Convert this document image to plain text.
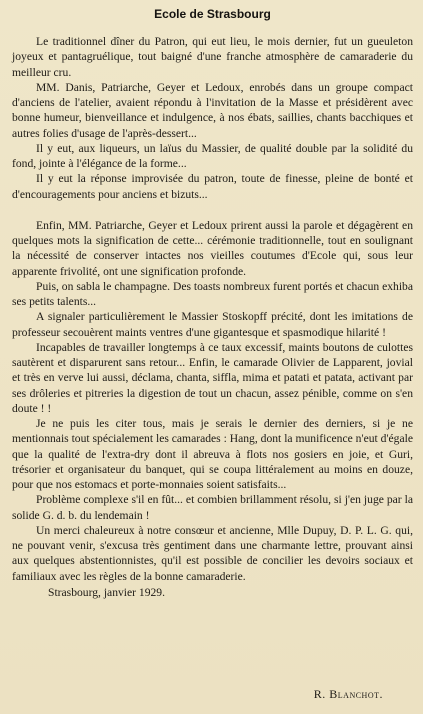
Ecole de Strasbourg

Le traditionnel dîner du Patron, qui eut lieu, le mois dernier, fut un gueuleton joyeux et pantagruélique, tout baigné d'une franche atmosphère de camaraderie du meilleur cru.

MM. Danis, Patriarche, Geyer et Ledoux, enrobés dans un groupe compact d'anciens de l'atelier, avaient répondu à l'invitation de la Masse et présidèrent avec bonne humeur, bienveillance et indulgence, à nos ébats, saillies, chants bacchiques et autres folies d'usage de l'après-dessert...

Il y eut, aux liqueurs, un laïus du Massier, de qualité double par la solidité du fond, jointe à l'élégance de la forme...

Il y eut la réponse improvisée du patron, toute de finesse, pleine de bonté et d'encouragements pour anciens et bizuts...

Enfin, MM. Patriarche, Geyer et Ledoux prirent aussi la parole et dégagèrent en quelques mots la signification de cette... cérémonie traditionnelle, tout en soulignant la nécessité de conserver intactes nos vieilles coutumes d'Ecole qui, sous leur apparente frivolité, ont une signification profonde.

Puis, on sabla le champagne. Des toasts nombreux furent portés et chacun exhiba ses petits talents...

A signaler particulièrement le Massier Stoskopff précité, dont les imitations de professeur secouèrent maints ventres d'une gigantesque et spasmodique hilarité !

Incapables de travailler longtemps à ce taux excessif, maints boutons de culottes sautèrent et disparurent sans retour... Enfin, le camarade Olivier de Lapparent, jovial et très en verve lui aussi, déclama, chanta, siffla, mima et patati et patata, activant par ses drôleries et pitreries la digestion de tout un chacun, assez pénible, comme on s'en doute ! !

Je ne puis les citer tous, mais je serais le dernier des derniers, si je ne mentionnais tout spécialement les camarades : Hang, dont la munificence n'eut d'égale que la qualité de l'extra-dry dont il abreuva à flots nos gosiers en joie, et Guri, trésorier et organisateur du banquet, qui se coupa littéralement au moins en douze, pour que nos estomacs et porte-monnaies soient satisfaits...

Problème complexe s'il en fût... et combien brillamment résolu, si j'en juge par la solide G. d. b. du lendemain !

Un merci chaleureux à notre consœur et ancienne, Mlle Dupuy, D. P. L. G. qui, ne pouvant venir, s'excusa très gentiment dans une charmante lettre, prouvant ainsi aux quelques abstentionnistes, qu'il est possible de concilier les devoirs sociaux et familiaux avec les règles de la bonne camaraderie.

Strasbourg, janvier 1929.

R. Blanchot.
